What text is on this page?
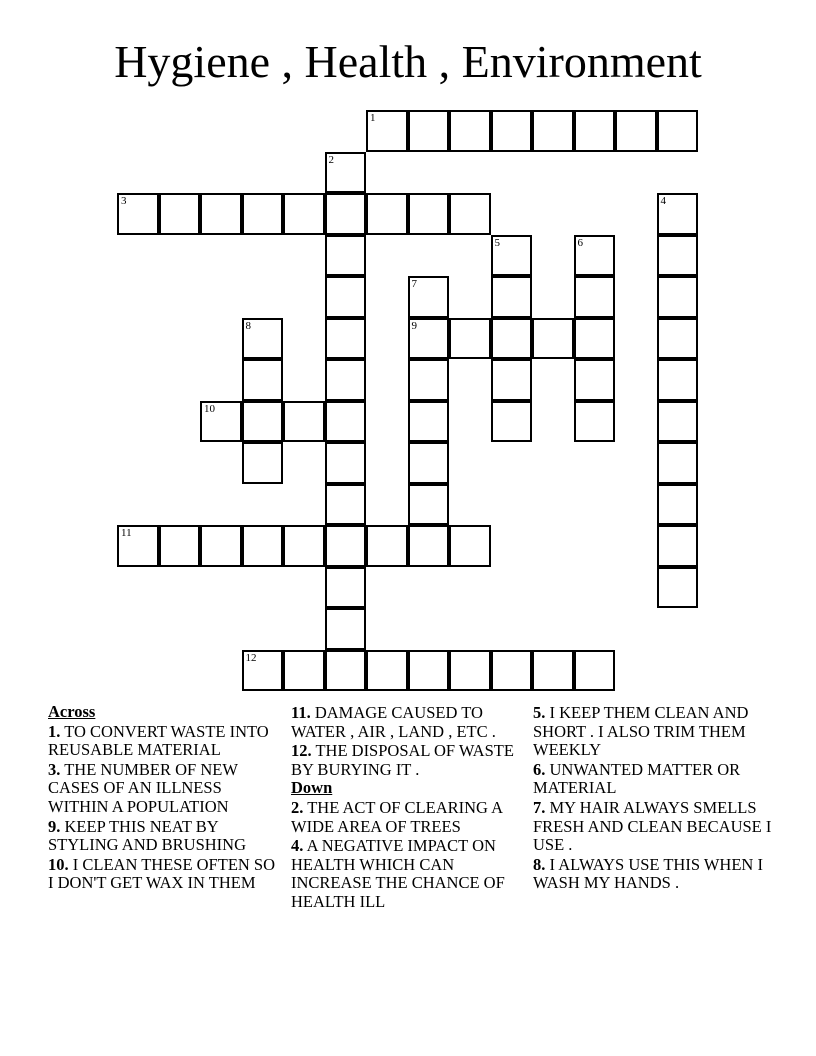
Hygiene , Health , Environment
1
2
3	4
5	6
7
8	9
10
11
12
Across
1. TO CONVERT WASTE INTO REUSABLE MATERIAL
3. THE NUMBER OF NEW CASES OF AN ILLNESS WITHIN A POPULATION
9. KEEP THIS NEAT BY STYLING AND BRUSHING
10. I CLEAN THESE OFTEN SO I DON'T GET WAX IN THEM
11. DAMAGE CAUSED TO WATER , AIR , LAND , ETC .
12. THE DISPOSAL OF WASTE BY BURYING IT .
Down
2. THE ACT OF CLEARING A WIDE AREA OF TREES
4. A NEGATIVE IMPACT ON HEALTH WHICH CAN INCREASE THE CHANCE OF HEALTH ILL
5. I KEEP THEM CLEAN AND SHORT . I ALSO TRIM THEM WEEKLY
6. UNWANTED MATTER OR MATERIAL
7. MY HAIR ALWAYS SMELLS FRESH AND CLEAN BECAUSE I USE .
8. I ALWAYS USE THIS WHEN I WASH MY HANDS .
